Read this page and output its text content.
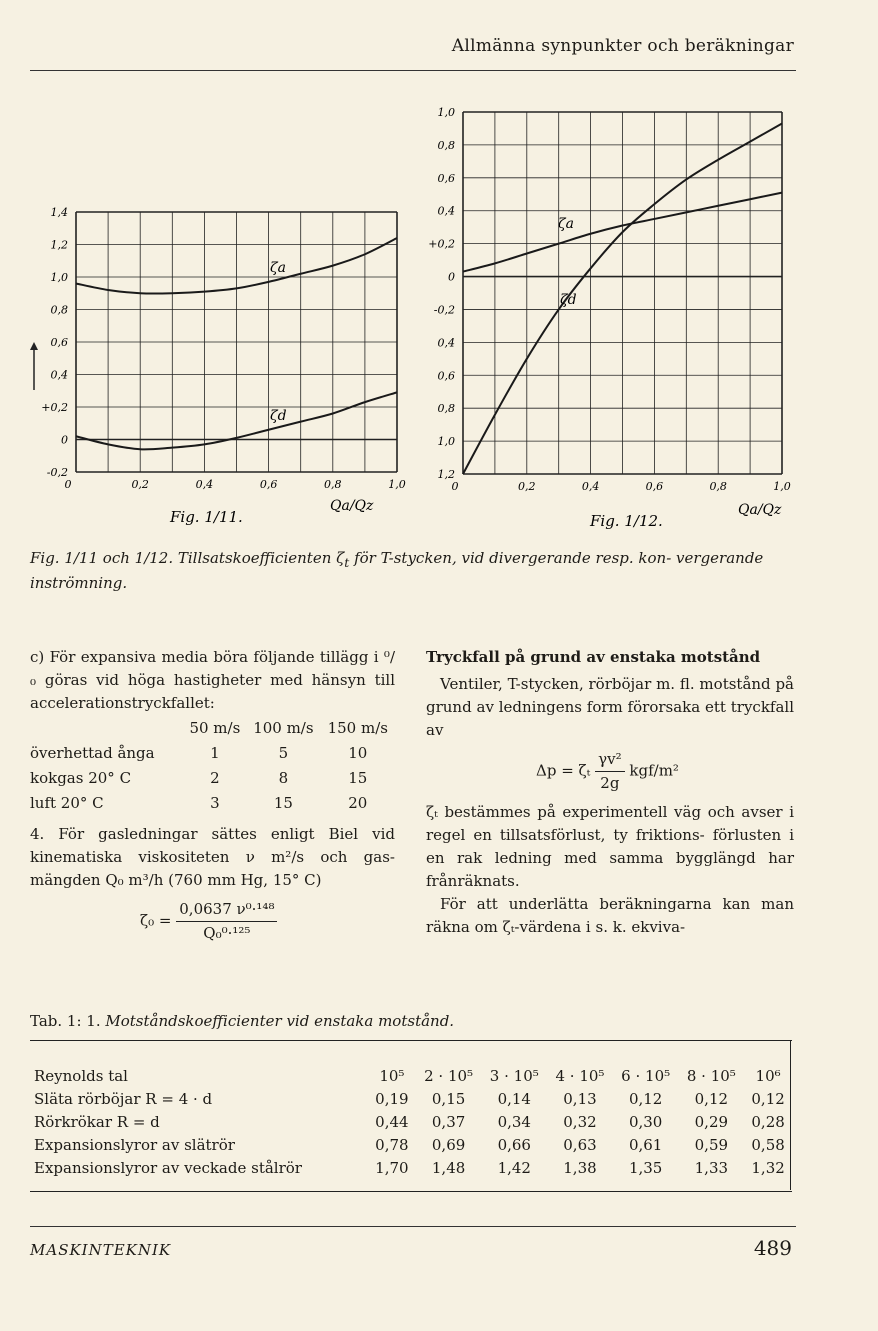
Allmänna synpunkter och beräkningar
0	0,2	0,4	0,6	0,8	1,0
1,4
1,2
1,0
0,8
0,6
0,4
+0,2
0
-0,2
ζa
ζd
Fig. 1/11.
Qa/Qz
0	0,2	0,4	0,6	0,8	1,0
1,0
0,8
0,6
0,4
+0,2
0
-0,2
0,4
0,6
0,8
1,0
1,2
ζa
ζd
Fig. 1/12.
Qa/Qz
Fig. 1/11 och 1/12. Tillsatskoefficienten $\zeta_t$ för T-stycken, vid divergerande resp. kon- vergerande inströmning.
c) För expansiva media böra följande tillägg i ⁰/₀ göras vid höga hastigheter med hänsyn till accelerationstryckfallet:
	50 m/s	100 m/s	150 m/s
överhettad ånga	1	5	10
kokgas 20° C	2	8	15
luft 20° C	3	15	20
4. För gasledningar sättes enligt Biel vid kinematiska viskositeten ν m²/s och gas- mängden Q₀ m³/h (760 mm Hg, 15° C)
$\zeta_0 = \frac{\text{0,0637 ν⁰·¹⁴⁸}}{\text{Q₀⁰·¹²⁵}}$
Tryckfall på grund av enstaka motstånd
Ventiler, T-stycken, rörböjar m. fl. motstånd på grund av ledningens form förorsaka ett tryckfall av
Δp = ζₜ $\frac{\text{γv²}}{2g} kgf/m^2$
ζₜ bestämmes på experimentell väg och avser i regel en tillsatsförlust, ty friktions- förlusten i en rak ledning med samma bygglängd har frånräknats.
För att underlätta beräkningarna kan man räkna om ζₜ-värdena i s. k. ekviva-
Tab. 1: 1. Motståndskoefficienter vid enstaka motstånd.
Reynolds tal	10⁵	2 · 10⁵	3 · 10⁵	4 · 10⁵	6 · 10⁵	8 · 10⁵	10⁶
Släta rörböjar R = 4 · d	0,19	0,15	0,14	0,13	0,12	0,12	0,12
Rörkrökar R = d	0,44	0,37	0,34	0,32	0,30	0,29	0,28
Expansionslyror av slätrör	0,78	0,69	0,66	0,63	0,61	0,59	0,58
Expansionslyror av veckade stålrör	1,70	1,48	1,42	1,38	1,35	1,33	1,32
MASKINTEKNIK	489
